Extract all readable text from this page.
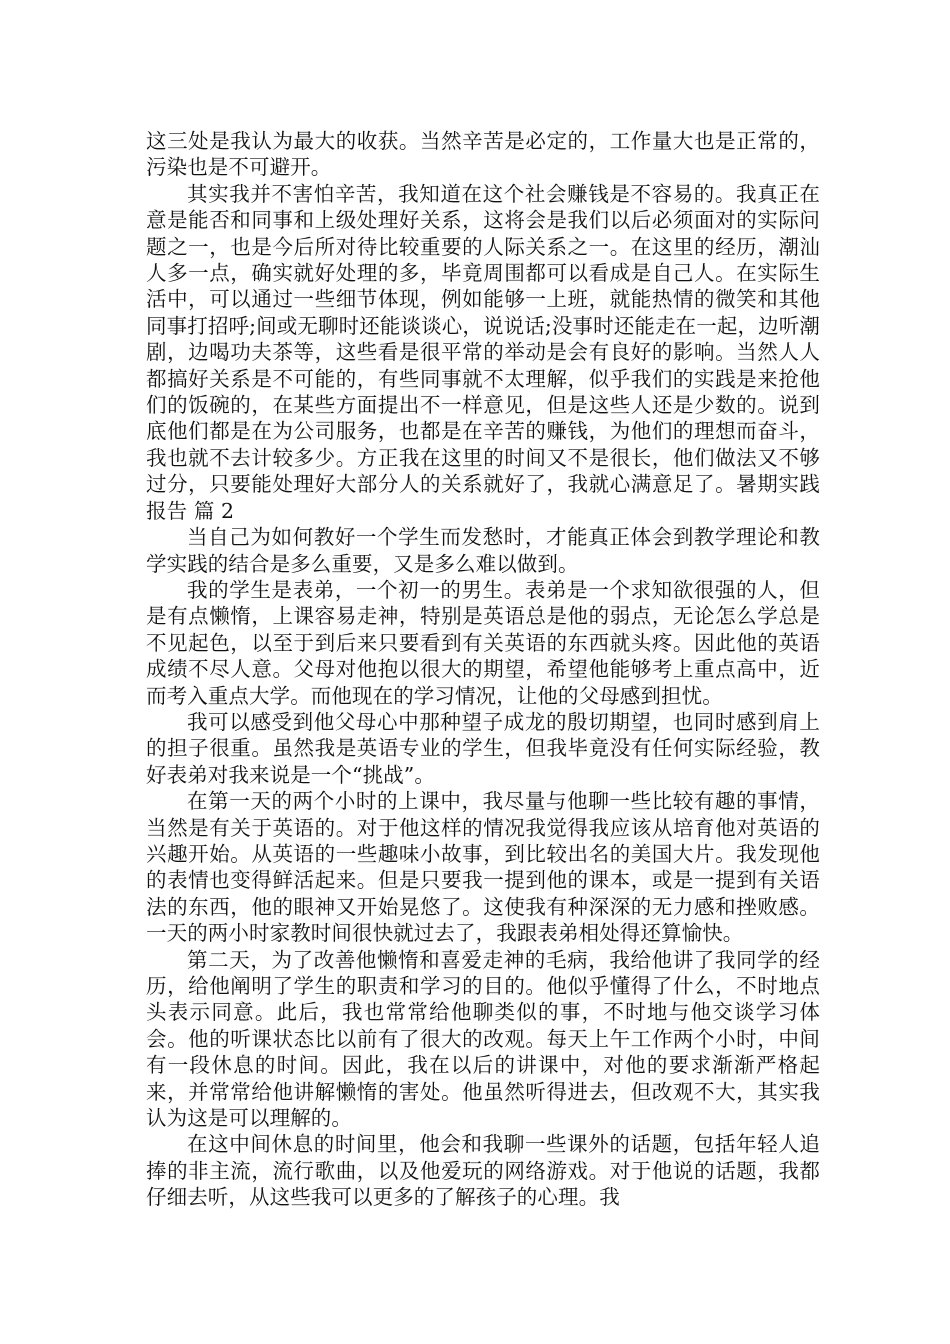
这三处是我认为最大的收获。当然辛苦是必定的，工作量大也是正常的，污染也是不可避开。

其实我并不害怕辛苦，我知道在这个社会赚钱是不容易的。我真正在意是能否和同事和上级处理好关系，这将会是我们以后必须面对的实际问题之一，也是今后所对待比较重要的人际关系之一。在这里的经历，潮汕人多一点，确实就好处理的多，毕竟周围都可以看成是自己人。在实际生活中，可以通过一些细节体现，例如能够一上班，就能热情的微笑和其他同事打招呼;间或无聊时还能谈谈心，说说话;没事时还能走在一起，边听潮剧，边喝功夫茶等，这些看是很平常的举动是会有良好的影响。当然人人都搞好关系是不可能的，有些同事就不太理解，似乎我们的实践是来抢他们的饭碗的，在某些方面提出不一样意见，但是这些人还是少数的。说到底他们都是在为公司服务，也都是在辛苦的赚钱，为他们的理想而奋斗，我也就不去计较多少。方正我在这里的时间又不是很长，他们做法又不够过分，只要能处理好大部分人的关系就好了，我就心满意足了。暑期实践报告 篇 2

当自己为如何教好一个学生而发愁时，才能真正体会到教学理论和教学实践的结合是多么重要，又是多么难以做到。

我的学生是表弟，一个初一的男生。表弟是一个求知欲很强的人，但是有点懒惰，上课容易走神，特别是英语总是他的弱点，无论怎么学总是不见起色，以至于到后来只要看到有关英语的东西就头疼。因此他的英语成绩不尽人意。父母对他抱以很大的期望，希望他能够考上重点高中，近而考入重点大学。而他现在的学习情况，让他的父母感到担忧。

我可以感受到他父母心中那种望子成龙的殷切期望，也同时感到肩上的担子很重。虽然我是英语专业的学生，但我毕竟没有任何实际经验，教好表弟对我来说是一个“挑战”。

在第一天的两个小时的上课中，我尽量与他聊一些比较有趣的事情，当然是有关于英语的。对于他这样的情况我觉得我应该从培育他对英语的兴趣开始。从英语的一些趣味小故事，到比较出名的美国大片。我发现他的表情也变得鲜活起来。但是只要我一提到他的课本，或是一提到有关语法的东西，他的眼神又开始晃悠了。这使我有种深深的无力感和挫败感。一天的两小时家教时间很快就过去了，我跟表弟相处得还算愉快。

第二天，为了改善他懒惰和喜爱走神的毛病，我给他讲了我同学的经历，给他阐明了学生的职责和学习的目的。他似乎懂得了什么，不时地点头表示同意。此后，我也常常给他聊类似的事，不时地与他交谈学习体会。他的听课状态比以前有了很大的改观。每天上午工作两个小时，中间有一段休息的时间。因此，我在以后的讲课中，对他的要求渐渐严格起来，并常常给他讲解懒惰的害处。他虽然听得进去，但改观不大，其实我认为这是可以理解的。

在这中间休息的时间里，他会和我聊一些课外的话题，包括年轻人追捧的非主流，流行歌曲，以及他爱玩的网络游戏。对于他说的话题，我都仔细去听，从这些我可以更多的了解孩子的心理。我
